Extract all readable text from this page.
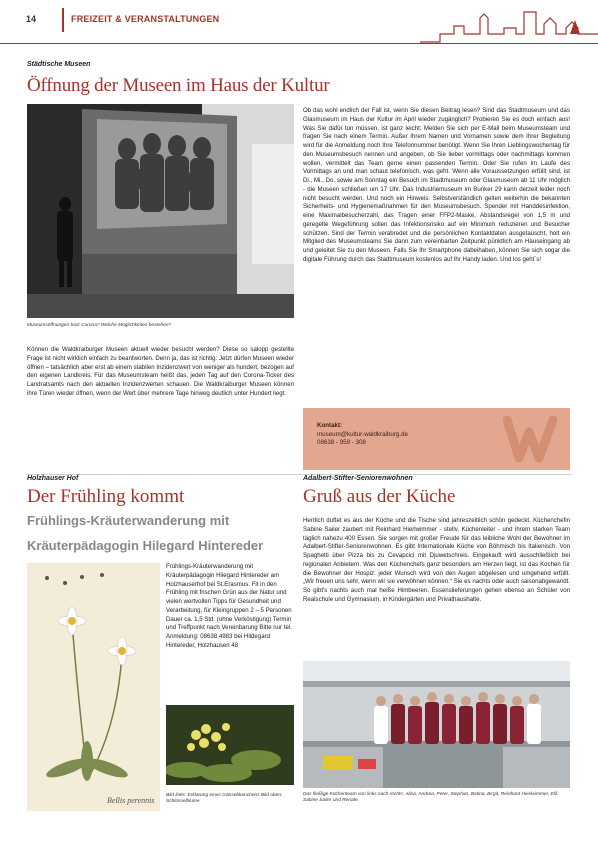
14	FREIZEIT & VERANSTALTUNGEN
Städtische Museen
Öffnung der Museen im Haus der Kultur
Museumsöffnungen trotz Corona? Welche Möglichkeiten bestehen?
Können die Waldkraiburger Museen aktuell wieder besucht werden? Diese so salopp gestellte Frage ist nicht wirklich einfach zu beantworten. Denn ja, das ist richtig: Jetzt dürfen Museen wieder öffnen – tatsächlich aber erst ab einem stabilen Inzidenzwert von weniger als hundert, bezogen auf den eigenen Landkreis. Für das Museumsteam heißt das, jeden Tag auf den Corona-Ticker des Landratsamts nach den aktuellen Inzidenzwerten schauen. Die Waldkraiburger Museen können ihre Türen wieder öffnen, wenn der Wert über mehrere Tage hinweg deutlich unter Hundert liegt.
Ob das wohl endlich der Fall ist, wenn Sie diesen Beitrag lesen? Sind das Stadtmuseum und das Glasmuseum im Haus der Kultur im April wieder zugänglich? Probieren Sie es doch einfach aus! Was Sie dafür tun müssen, ist ganz leicht: Melden Sie sich per E-Mail beim Museumsteam und fragen Sie nach einem Termin. Außer Ihrem Namen und Vornamen sowie dem Ihrer Begleitung wird für die Anmeldung noch Ihre Telefonnummer benötigt. Wenn Sie Ihren Lieblingswochentag für den Museumsbesuch nennen und angeben, ob Sie lieber vormittags oder nachmittags kommen wollen, vermittelt das Team gerne einen passenden Termin. Oder Sie rufen im Laufe des Vormittags an und man schaut telefonisch, was geht. Wenn alle Voraussetzungen erfüllt sind, ist Di., Mi., Do. sowie am Sonntag ein Besuch im Stadtmuseum oder Glasmuseum ab 11 Uhr möglich - die Museen schließen um 17 Uhr. Das Industriemuseum im Bunker 29 kann derzeit leider noch nicht besucht werden. Und noch ein Hinweis: Selbstverständlich gelten weiterhin die bekannten Sicherheits- und Hygienemaßnahmen für den Museumsbesuch. Spender mit Handdesinfektion, eine Maximalbesucherzahl, das Tragen einer FFP2-Maske, Abstandsregel von 1,5 m und geregelte Wegeführung sollen das Infektionsrisiko auf ein Minimum reduzieren und Besucher schützen. Sind der Termin verabredet und die persönlichen Kontaktdaten ausgetauscht, holt ein Mitglied des Museumsteams Sie dann zum vereinbarten Zeitpunkt pünktlich am Hauseingang ab und geleitet Sie zu den Museen. Falls Sie Ihr Smartphone dabeihaben, können Sie sich sogar die digitale Führung durch das Stadtmuseum kostenlos auf Ihr Handy laden. Und los geht´s!
Kontakt:
museum@kultur-waldkraiburg.de
08638 - 959 - 308
Holzhauser Hof
Der Frühling kommt
Frühlings-Kräuterwanderung mit
Kräuterpädagogin Hilegard Hintereder
Bellis perennis
Frühlings-Kräuterwanderung mit Kräuterpädagogin Hilegard Hintereder am Holzhauserhof bei St.Erasmus. Fit in den Frühling mit frischen Grün aus der Natur und vielen wertvollen Tipps für Gesundheit und Verarbeitung, für Kleingruppen 2 – 5 Personen Dauer ca. 1,5 Std. (ohne Verköstigung) Termin und Treffpunkt nach Vereinbarung Bitte nur tel. Anmeldung: 08638 4983 bei Hildegard Hintereder, Holzhausen 48
Bild links: Erklärung eines Gänseblümchens Bild oben: Schlüsselblume
Adalbert-Stifter-Seniorenwohnen
Gruß aus der Küche
Herrlich duftet es aus der Küche und die Tische sind jahreszeitlich schön gedeckt. Küchenchefin Sabine Sailer zaubert mit Reinhard Hierlwimmer - stellv. Küchenleiter - und ihrem starken Team täglich nahezu 400 Essen. Sie sorgen mit großer Freude für das leibliche Wohl der Bewohner im Adalbert-Stifter-Seniorenwohnen. Es gibt Internationale Küche von Böhmisch bis Italienisch. Von Spaghetti über Pizza bis zu Cevapcici mit Djuwetschreis. Eingekauft wird ausschließlich bei regionalen Anbietern. Was den Küchenchefs ganz besonders am Herzen liegt, ist das Kochen für die Bewohner der Hospiz: jeder Wunsch wird von den Augen abgelesen und umgehend erfüllt. „Wir freuen uns sehr, wenn wir sie verwöhnen können.“ Sie es nachts oder auch saisonabgewandt. So gibt's nachts auch mal heiße Himbeeren. Essenslieferungen gehen ebenso an Schüler von Realschule und Gymnasium, in Kindergärten und Privathaushalte.
Das fleißige Küchenteam von links nach rechts: Alina, Andrea, Peter, Stephan, Betina, Birgit, Reinhard Hierlwimmer, Elif, Sabine Sailer und Renate.
